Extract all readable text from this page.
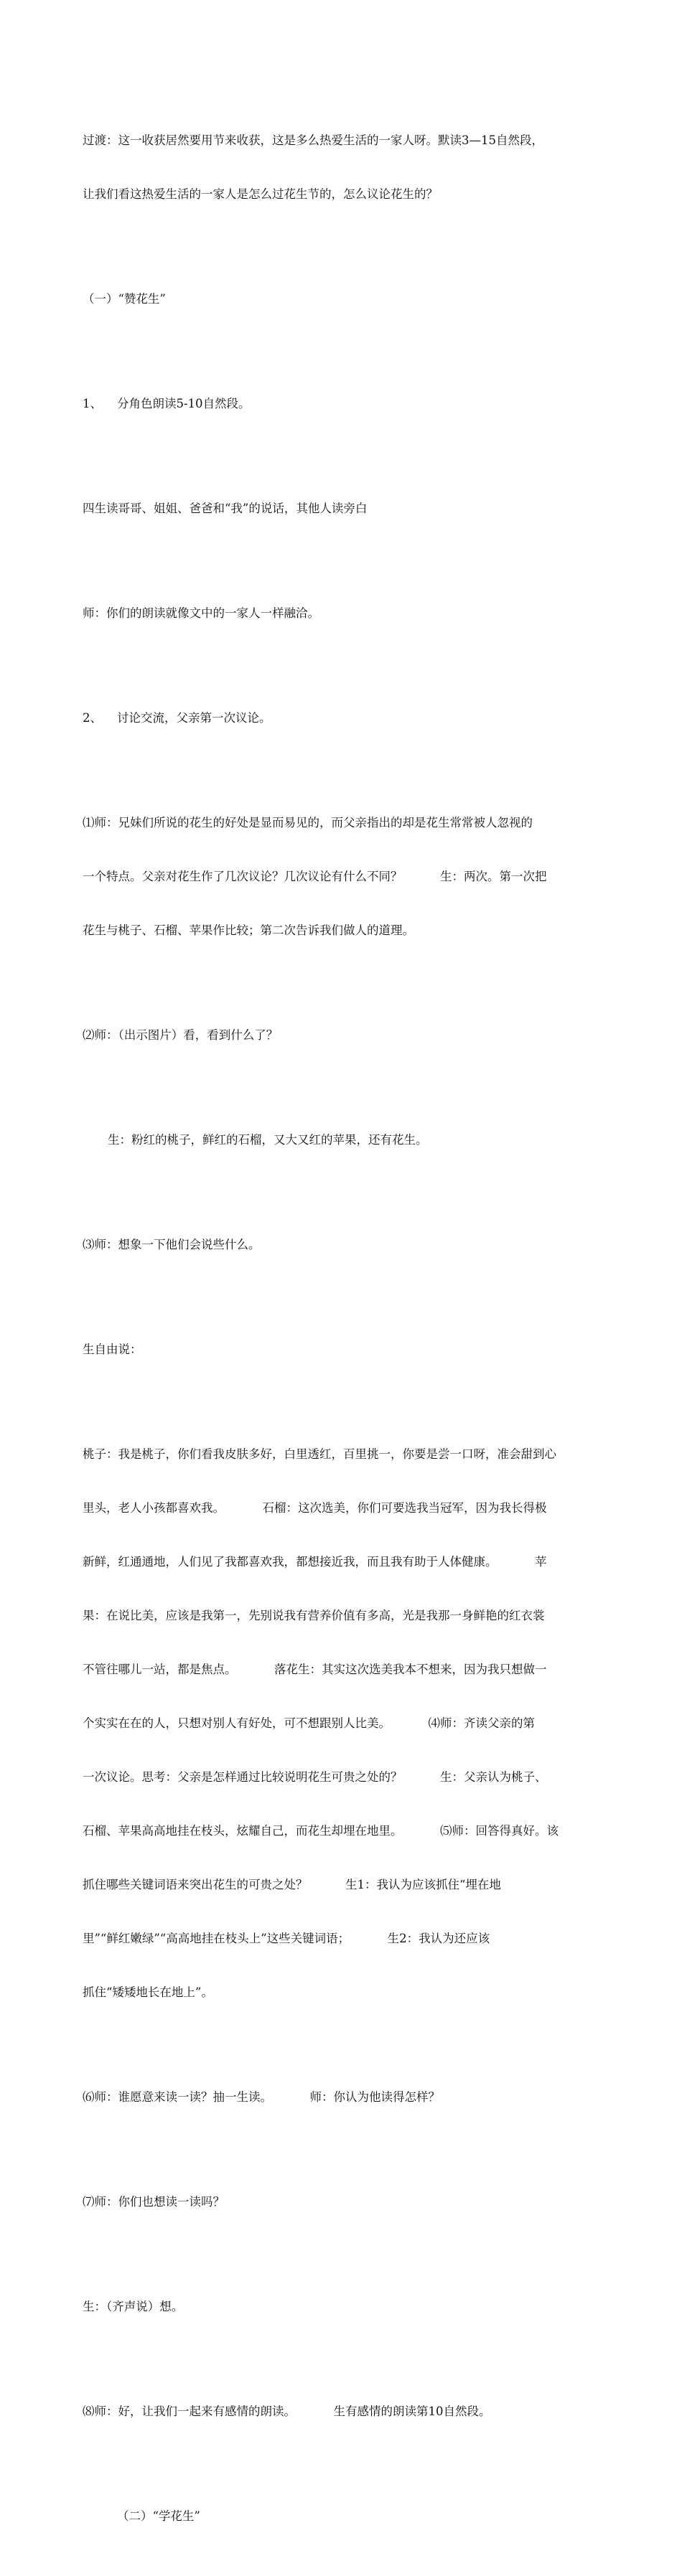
过渡：这一收获居然要用节来收获，这是多么热爱生活的一家人呀。默读3—15自然段，

让我们看这热爱生活的一家人是怎么过花生节的，怎么议论花生的？

（一）“赞花生”

1、    分角色朗读5-10自然段。

四生读哥哥、姐姐、爸爸和“我”的说话，其他人读旁白

师：你们的朗读就像文中的一家人一样融洽。

2、    讨论交流，父亲第一次议论。

⑴师：兄妹们所说的花生的好处是显而易见的，而父亲指出的却是花生常常被人忽视的

一个特点。父亲对花生作了几次议论？几次议论有什么不同？          生：两次。第一次把

花生与桃子、石榴、苹果作比较；第二次告诉我们做人的道理。

⑵师：（出示图片）看，看到什么了？

生：粉红的桃子，鲜红的石榴，又大又红的苹果，还有花生。

⑶师：想象一下他们会说些什么。

生自由说：

桃子：我是桃子，你们看我皮肤多好，白里透红，百里挑一，你要是尝一口呀，准会甜到心

里头，老人小孩都喜欢我。          石榴：这次选美，你们可要选我当冠军，因为我长得极

新鲜，红通通地，人们见了我都喜欢我，都想接近我，而且我有助于人体健康。          苹

果：在说比美，应该是我第一，先别说我有营养价值有多高，光是我那一身鲜艳的红衣裳

不管往哪儿一站，都是焦点。          落花生：其实这次选美我本不想来，因为我只想做一

个实实在在的人，只想对别人有好处，可不想跟别人比美。          ⑷师：齐读父亲的第

一次议论。思考：父亲是怎样通过比较说明花生可贵之处的？          生：父亲认为桃子、

石榴、苹果高高地挂在枝头，炫耀自己，而花生却埋在地里。          ⑸师：回答得真好。该

抓住哪些关键词语来突出花生的可贵之处？          生1：我认为应该抓住“埋在地

里”“鲜红嫩绿”“高高地挂在枝头上”这些关键词语；          生2：我认为还应该

抓住“矮矮地长在地上”。

⑹师：谁愿意来读一读？抽一生读。          师：你认为他读得怎样？

⑺师：你们也想读一读吗？

生：（齐声说）想。

⑻师：好，让我们一起来有感情的朗读。          生有感情的朗读第10自然段。

（二）“学花生”
